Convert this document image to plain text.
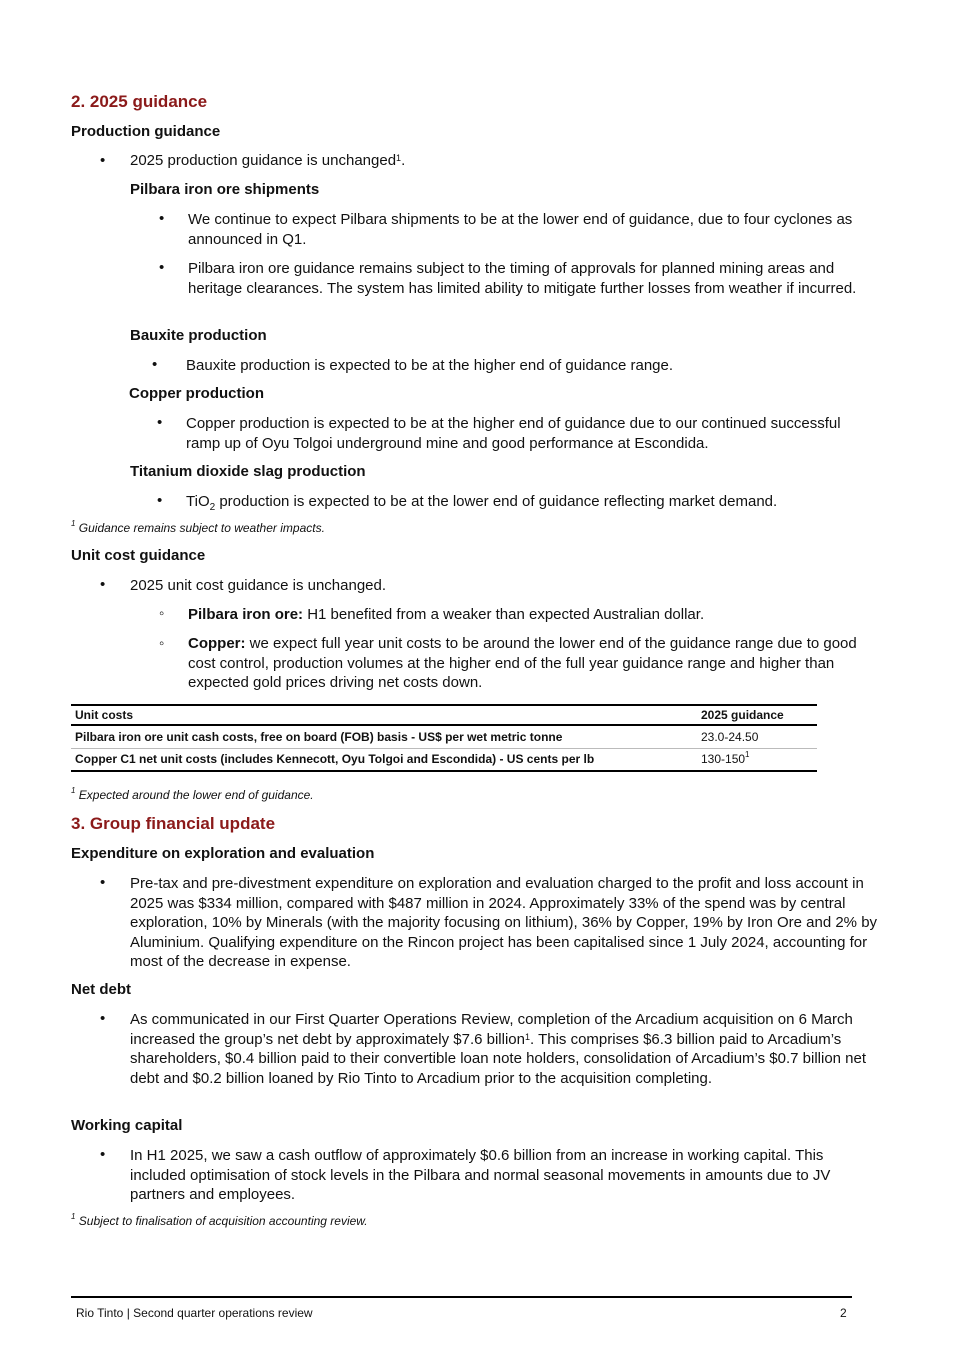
2. 2025 guidance
Production guidance
• 2025 production guidance is unchanged$^1$.
Pilbara iron ore shipments
• We continue to expect Pilbara shipments to be at the lower end of guidance, due to four cyclones as announced in Q1.
• Pilbara iron ore guidance remains subject to the timing of approvals for planned mining areas and heritage clearances. The system has limited ability to mitigate further losses from weather if incurred.
Bauxite production
• Bauxite production is expected to be at the higher end of guidance range.
Copper production
• Copper production is expected to be at the higher end of guidance due to our continued successful ramp up of Oyu Tolgoi underground mine and good performance at Escondida.
Titanium dioxide slag production
• TiO$_2$ production is expected to be at the lower end of guidance reflecting market demand.
$^1$ Guidance remains subject to weather impacts.
Unit cost guidance
• 2025 unit cost guidance is unchanged.
◦ Pilbara iron ore: H1 benefited from a weaker than expected Australian dollar.
◦ Copper: we expect full year unit costs to be around the lower end of the guidance range due to good cost control, production volumes at the higher end of the full year guidance range and higher than expected gold prices driving net costs down.
Unit costs	2025 guidance
Pilbara iron ore unit cash costs, free on board (FOB) basis - US$ per wet metric tonne	23.0-24.50
Copper C1 net unit costs (includes Kennecott, Oyu Tolgoi and Escondida) - US cents per lb	$130-150^1$
$^1$ Expected around the lower end of guidance.
3. Group financial update
Expenditure on exploration and evaluation
• Pre-tax and pre-divestment expenditure on exploration and evaluation charged to the profit and loss account in 2025 was $334 million, compared with $487 million in 2024. Approximately 33% of the spend was by central exploration, 10% by Minerals (with the majority focusing on lithium), 36% by Copper, 19% by Iron Ore and 2% by Aluminium. Qualifying expenditure on the Rincon project has been capitalised since 1 July 2024, accounting for most of the decrease in expense.
Net debt
• As communicated in our First Quarter Operations Review, completion of the Arcadium acquisition on 6 March increased the group’s net debt by approximately $7.6 billion$^1$. This comprises $6.3 billion paid to Arcadium’s shareholders, $0.4 billion paid to their convertible loan note holders, consolidation of Arcadium’s $0.7 billion net debt and $0.2 billion loaned by Rio Tinto to Arcadium prior to the acquisition completing.
Working capital
• In H1 2025, we saw a cash outflow of approximately $0.6 billion from an increase in working capital. This included optimisation of stock levels in the Pilbara and normal seasonal movements in amounts due to JV partners and employees.
$^1$ Subject to finalisation of acquisition accounting review.
Rio Tinto | Second quarter operations review	2
